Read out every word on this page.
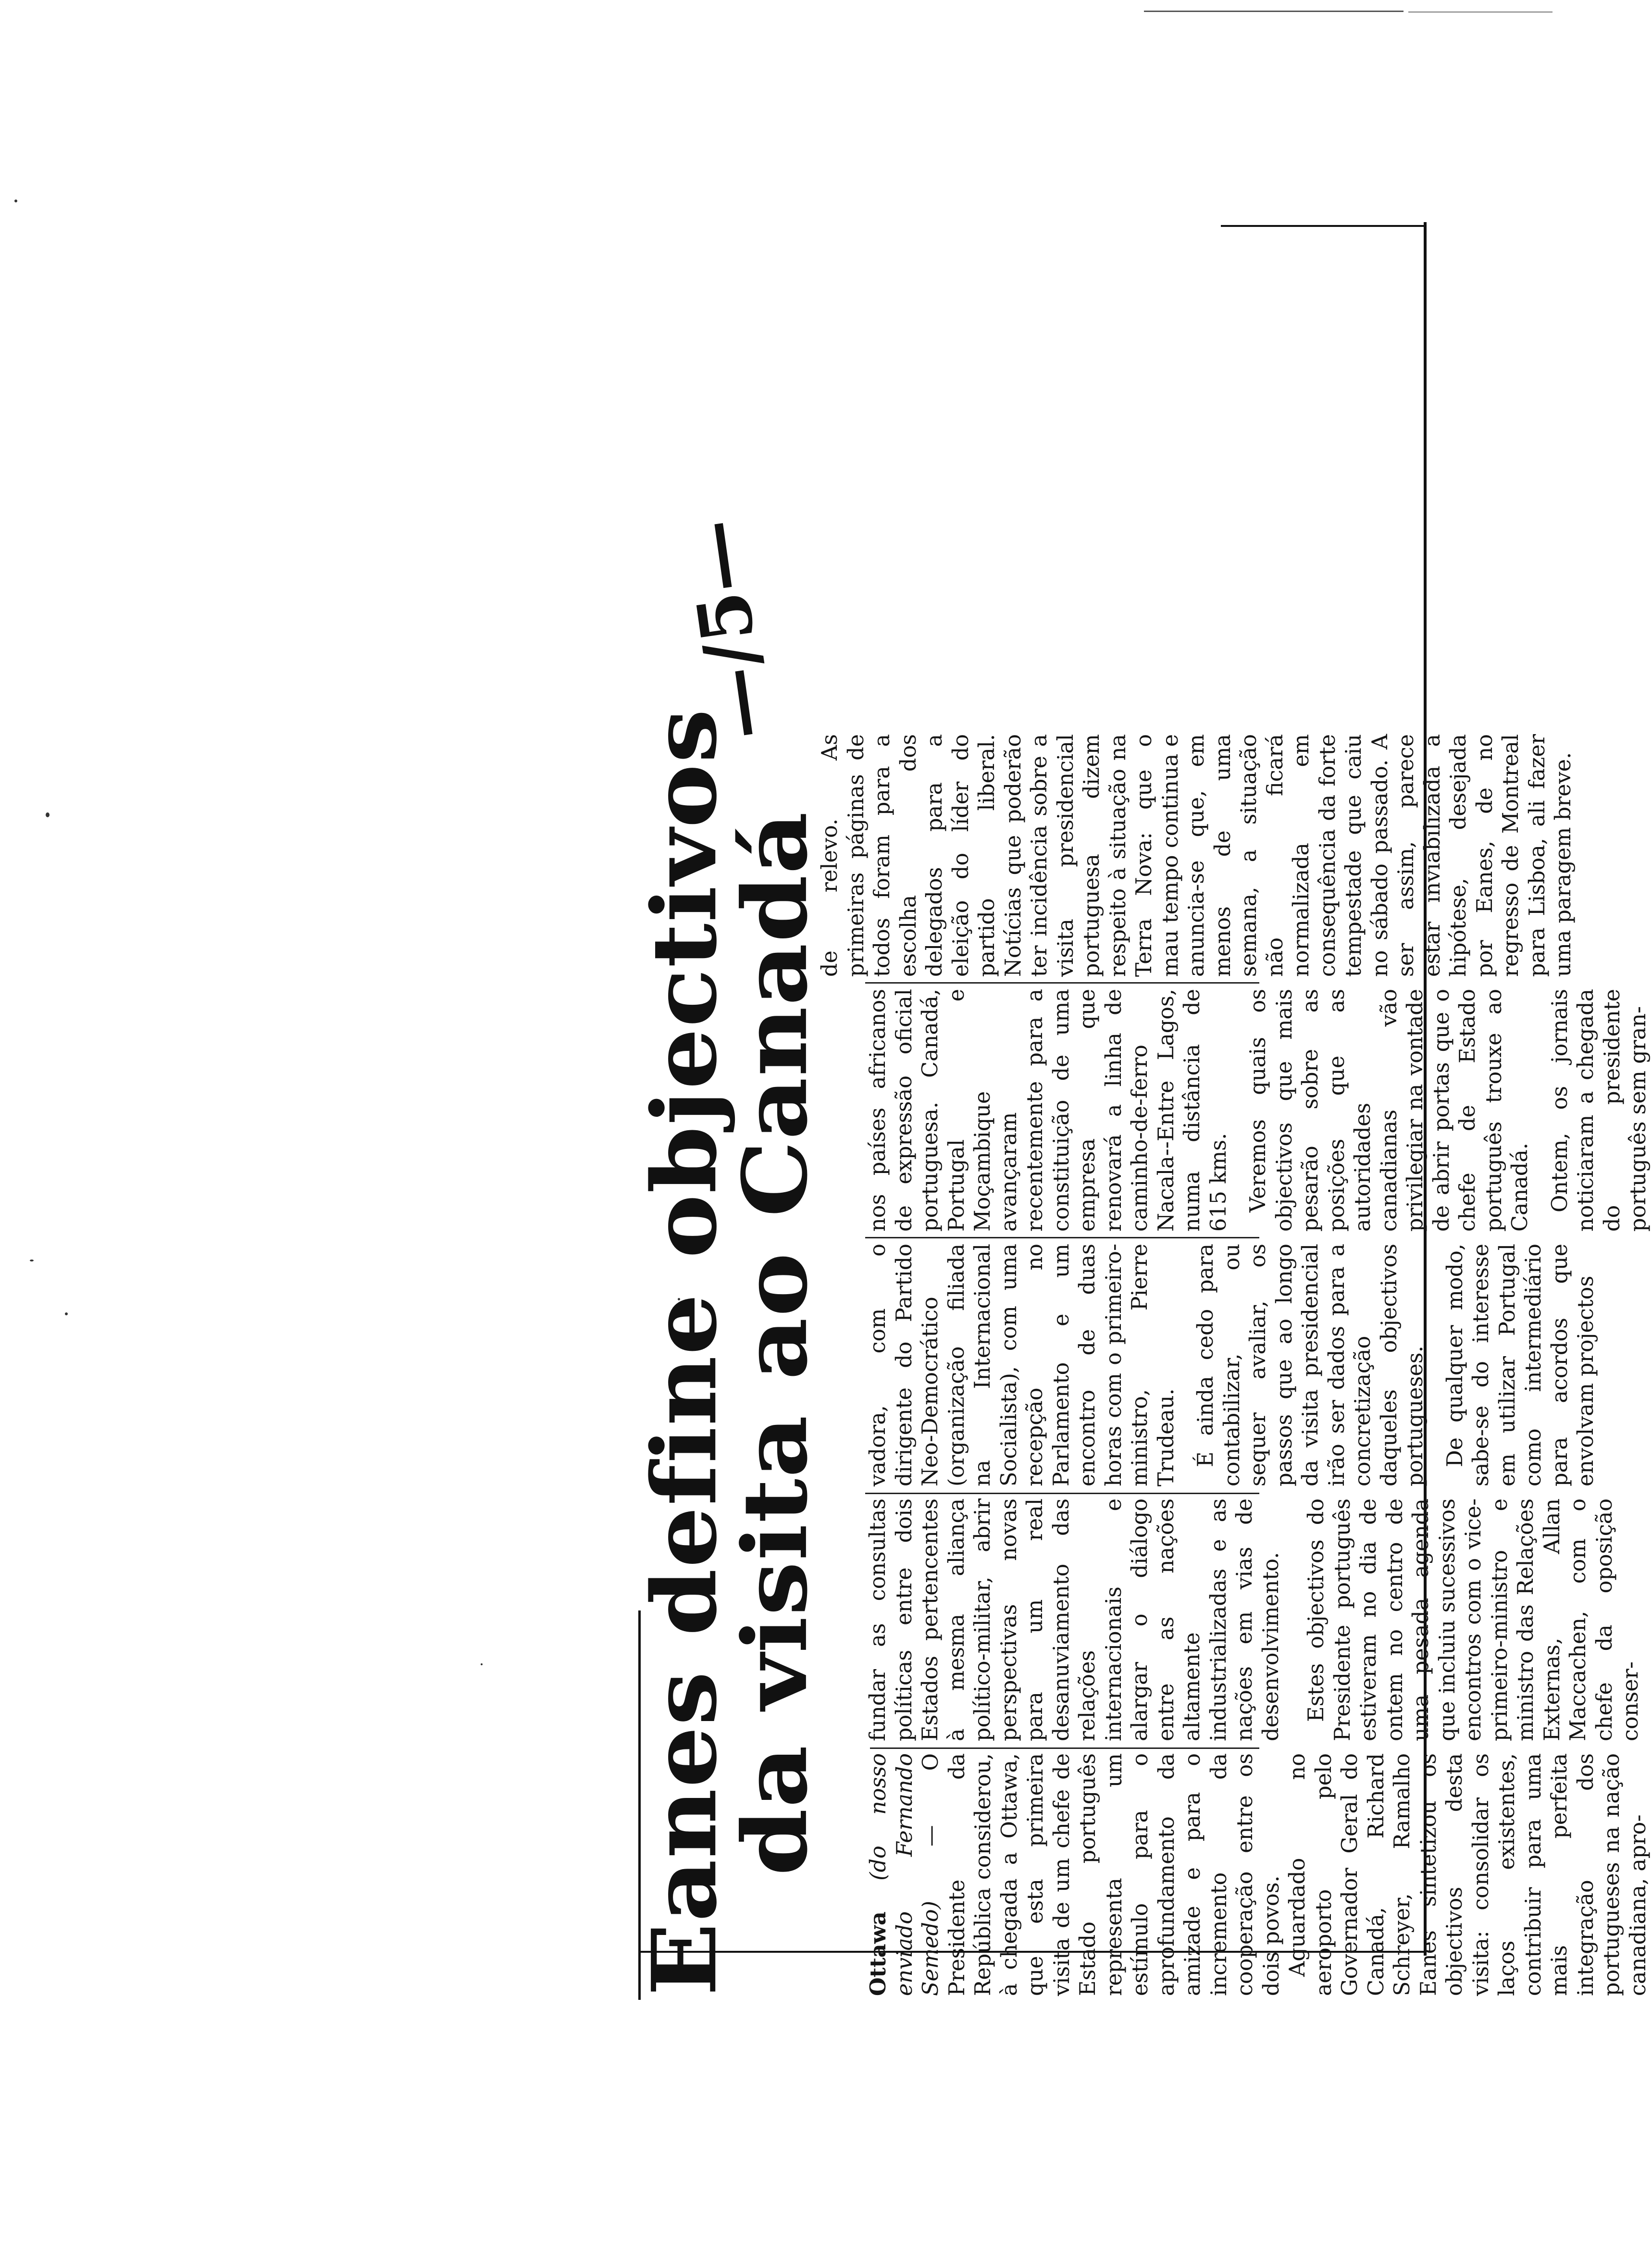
Eanes define objectivos
da visita ao Canadá
—/5—

Ottawa (do nosso enviado Fernando Semedo) — O Presidente da República considerou, à chegada a Ottawa, que esta primeira visita de um chefe de Estado português representa um estímulo para o aprofundamento da amizade e para o incremento da cooperação entre os dois povos. Aguardado no aeroporto pelo Governador Geral do Canadá, Richard Schreyer, Ramalho Eanes sintetizou os objectivos desta visita: consolidar os laços existentes, contribuir para uma mais perfeita integração dos portugueses na nação canadiana, apro-

fundar as consultas políticas entre dois Estados pertencentes à mesma aliança político-militar, abrir perspectivas novas para um real desanuviamento das relações internacionais e alargar o diálogo entre as nações altamente industrializadas e as nações em vias de desenvolvimento. Estes objectivos do Presidente português estiveram no dia de ontem no centro de uma pesada agenda que incluiu sucessivos encontros com o vice-primeiro-ministro e ministro das Relações Externas, Allan Maccachen, com o chefe da oposição conser-

vadora, com o dirigente do Partido Neo-Democrático (organização filiada na Internacional Socialista), com uma recepção no Parlamento e um encontro de duas horas com o primeiro-ministro, Pierre Trudeau. É ainda cedo para contabilizar, ou sequer avaliar, os passos que ao longo da visita presidencial irão ser dados para a concretização daqueles objectivos portugueses. De qualquer modo, sabe-se do interesse em utilizar Portugal como intermediário para acordos que envolvam projectos

nos países africanos de expressão oficial portuguesa. Canadá, Portugal e Moçambique avançaram recentemente para a constituição de uma empresa que renovará a linha de caminho-de-ferro Nacala--Entre Lagos, numa distância de 615 kms. Veremos quais os objectivos que mais pesarão sobre as posições que as autoridades canadianas vão privilegiar na vontade de abrir portas que o chefe de Estado português trouxe ao Canadá. Ontem, os jornais noticiaram a chegada do presidente português sem gran-

de relevo. As primeiras páginas de todos foram para a escolha dos delegados para a eleição do líder do partido liberal. Notícias que poderão ter incidência sobre a visita presidencial portuguesa dizem respeito à situação na Terra Nova: que o mau tempo continua e anuncia-se que, em menos de uma semana, a situação não ficará normalizada em consequência da forte tempestade que caiu no sábado passado. A ser assim, parece estar inviabilizada a hipótese, desejada por Eanes, de no regresso de Montreal para Lisboa, ali fazer uma paragem breve.
